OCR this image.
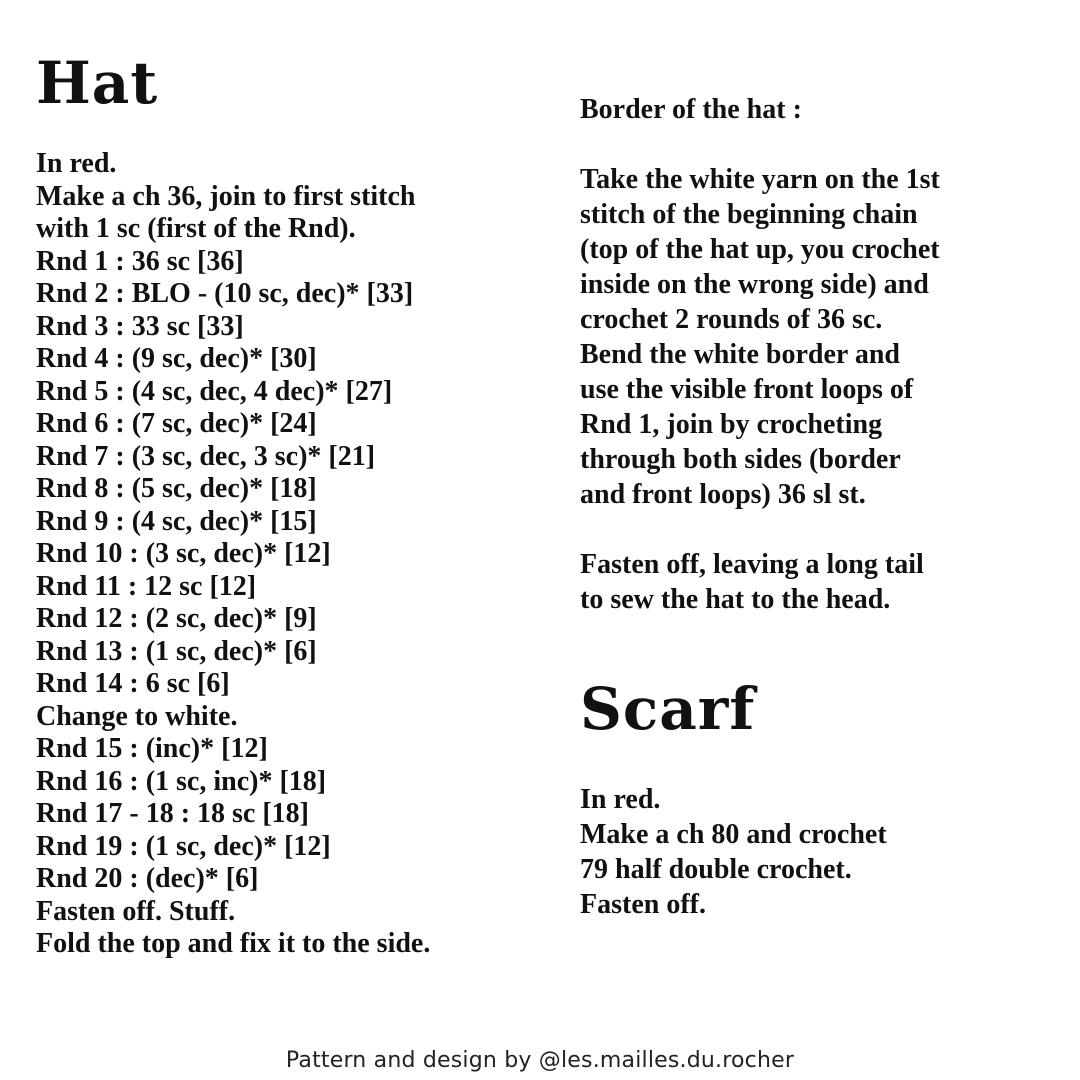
Hat
In red.
Make a ch 36, join to first stitch
with 1 sc (first of the Rnd).
Rnd 1 : 36 sc [36]
Rnd 2 : BLO - (10 sc, dec)* [33]
Rnd 3 : 33 sc [33]
Rnd 4 : (9 sc, dec)* [30]
Rnd 5 : (4 sc, dec, 4 dec)* [27]
Rnd 6 : (7 sc, dec)* [24]
Rnd 7 : (3 sc, dec, 3 sc)* [21]
Rnd 8 : (5 sc, dec)* [18]
Rnd 9 : (4 sc, dec)* [15]
Rnd 10 : (3 sc, dec)* [12]
Rnd 11 : 12 sc [12]
Rnd 12 : (2 sc, dec)* [9]
Rnd 13 : (1 sc, dec)* [6]
Rnd 14 : 6 sc [6]
Change to white.
Rnd 15 : (inc)* [12]
Rnd 16 : (1 sc, inc)* [18]
Rnd 17 - 18 : 18 sc [18]
Rnd 19 : (1 sc, dec)* [12]
Rnd 20 : (dec)* [6]
Fasten off. Stuff.
Fold the top and fix it to the side.
Border of the hat :
Take the white yarn on the 1st
stitch of the beginning chain
(top of the hat up, you crochet
inside on the wrong side) and
crochet 2 rounds of 36 sc.
Bend the white border and
use the visible front loops of
Rnd 1, join by crocheting
through both sides (border
and front loops) 36 sl st.
Fasten off, leaving a long tail
to sew the hat to the head.
Scarf
In red.
Make a ch 80 and crochet
79 half double crochet.
Fasten off.
Pattern and design by @les.mailles.du.rocher
